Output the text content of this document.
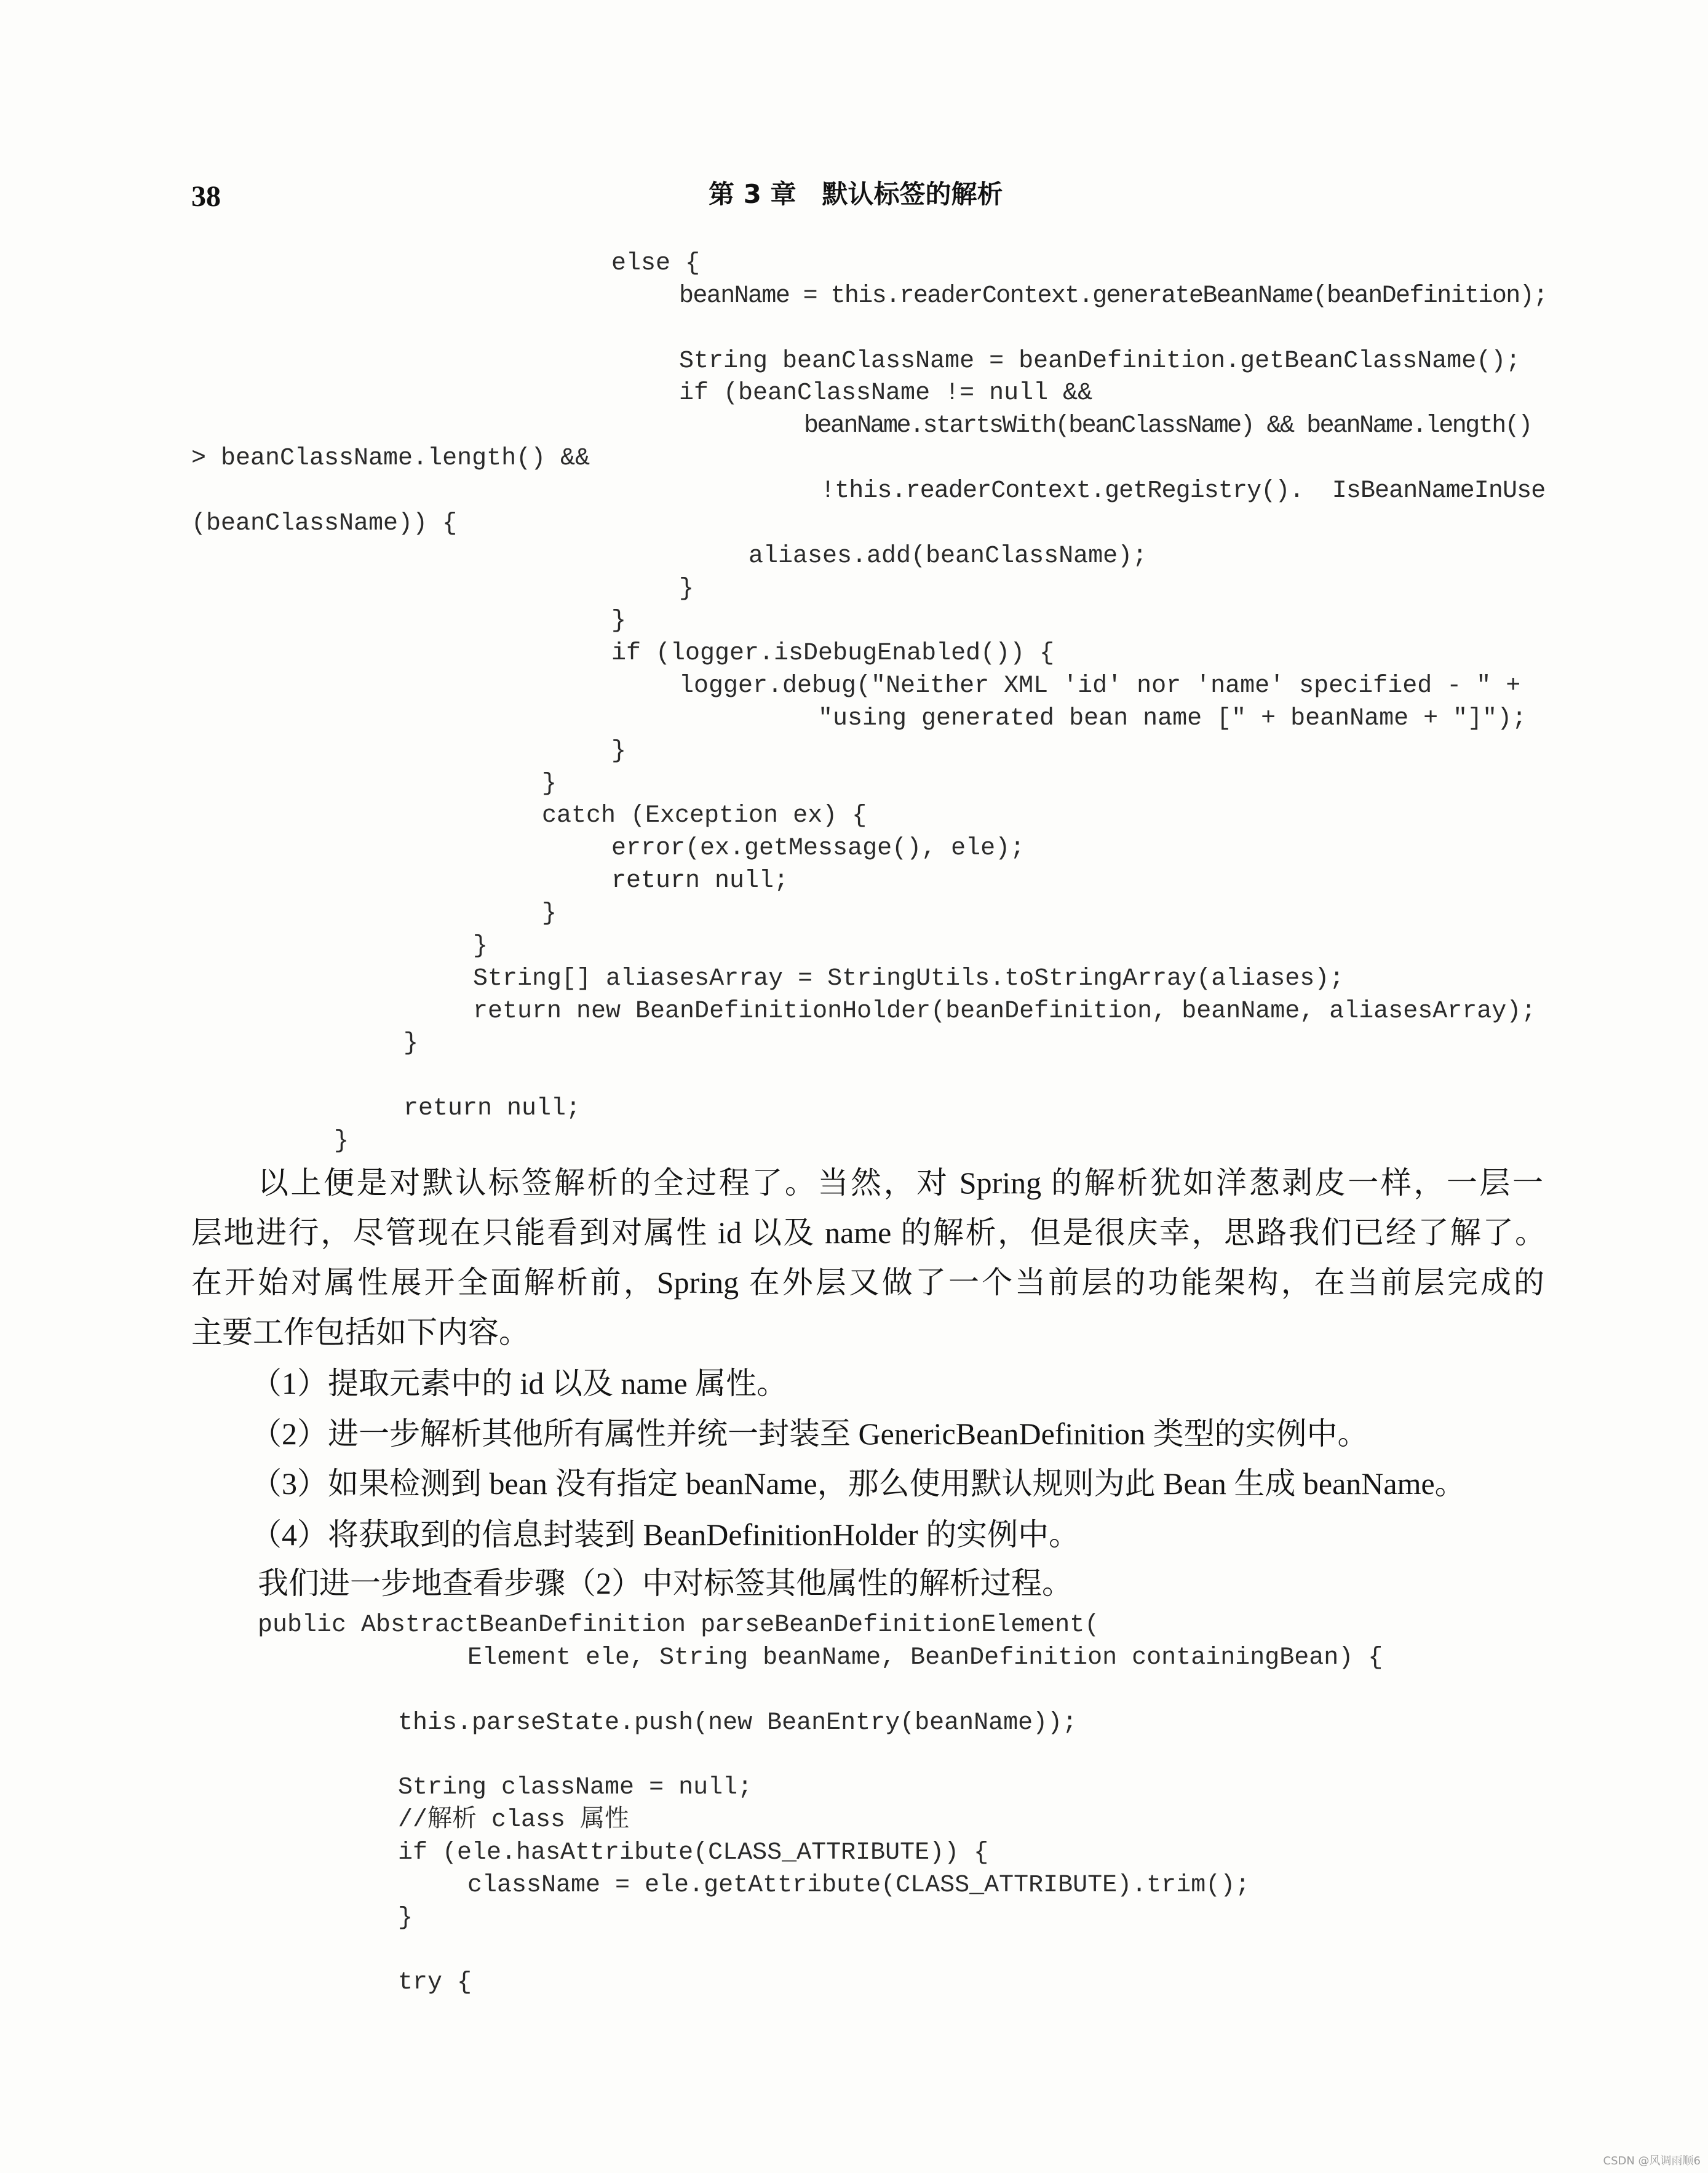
38	第 3 章　默认标签的解析
else {
beanName = this.readerContext.generateBeanName(beanDefinition);
String beanClassName = beanDefinition.getBeanClassName();
if (beanClassName != null &&
beanName.startsWith(beanClassName) && beanName.length()
> beanClassName.length() &&
!this.readerContext.getRegistry().  IsBeanNameInUse
(beanClassName)) {
aliases.add(beanClassName);
}
}
if (logger.isDebugEnabled()) {
logger.debug("Neither XML 'id' nor 'name' specified - " +
"using generated bean name [" + beanName + "]");
}
}
catch (Exception ex) {
error(ex.getMessage(), ele);
return null;
}
}
String[] aliasesArray = StringUtils.toStringArray(aliases);
return new BeanDefinitionHolder(beanDefinition, beanName, aliasesArray);
}
return null;
}
以上便是对默认标签解析的全过程了。当然，对 Spring 的解析犹如洋葱剥皮一样，一层一
层地进行，尽管现在只能看到对属性 id 以及 name 的解析，但是很庆幸，思路我们已经了解了。
在开始对属性展开全面解析前，Spring 在外层又做了一个当前层的功能架构，在当前层完成的
主要工作包括如下内容。
（1）提取元素中的 id 以及 name 属性。
（2）进一步解析其他所有属性并统一封装至 GenericBeanDefinition 类型的实例中。
（3）如果检测到 bean 没有指定 beanName，那么使用默认规则为此 Bean 生成 beanName。
（4）将获取到的信息封装到 BeanDefinitionHolder 的实例中。
我们进一步地查看步骤（2）中对标签其他属性的解析过程。
public AbstractBeanDefinition parseBeanDefinitionElement(
Element ele, String beanName, BeanDefinition containingBean) {
this.parseState.push(new BeanEntry(beanName));
String className = null;
//解析 class 属性
if (ele.hasAttribute(CLASS_ATTRIBUTE)) {
className = ele.getAttribute(CLASS_ATTRIBUTE).trim();
}
try {
CSDN @风调雨顺6
